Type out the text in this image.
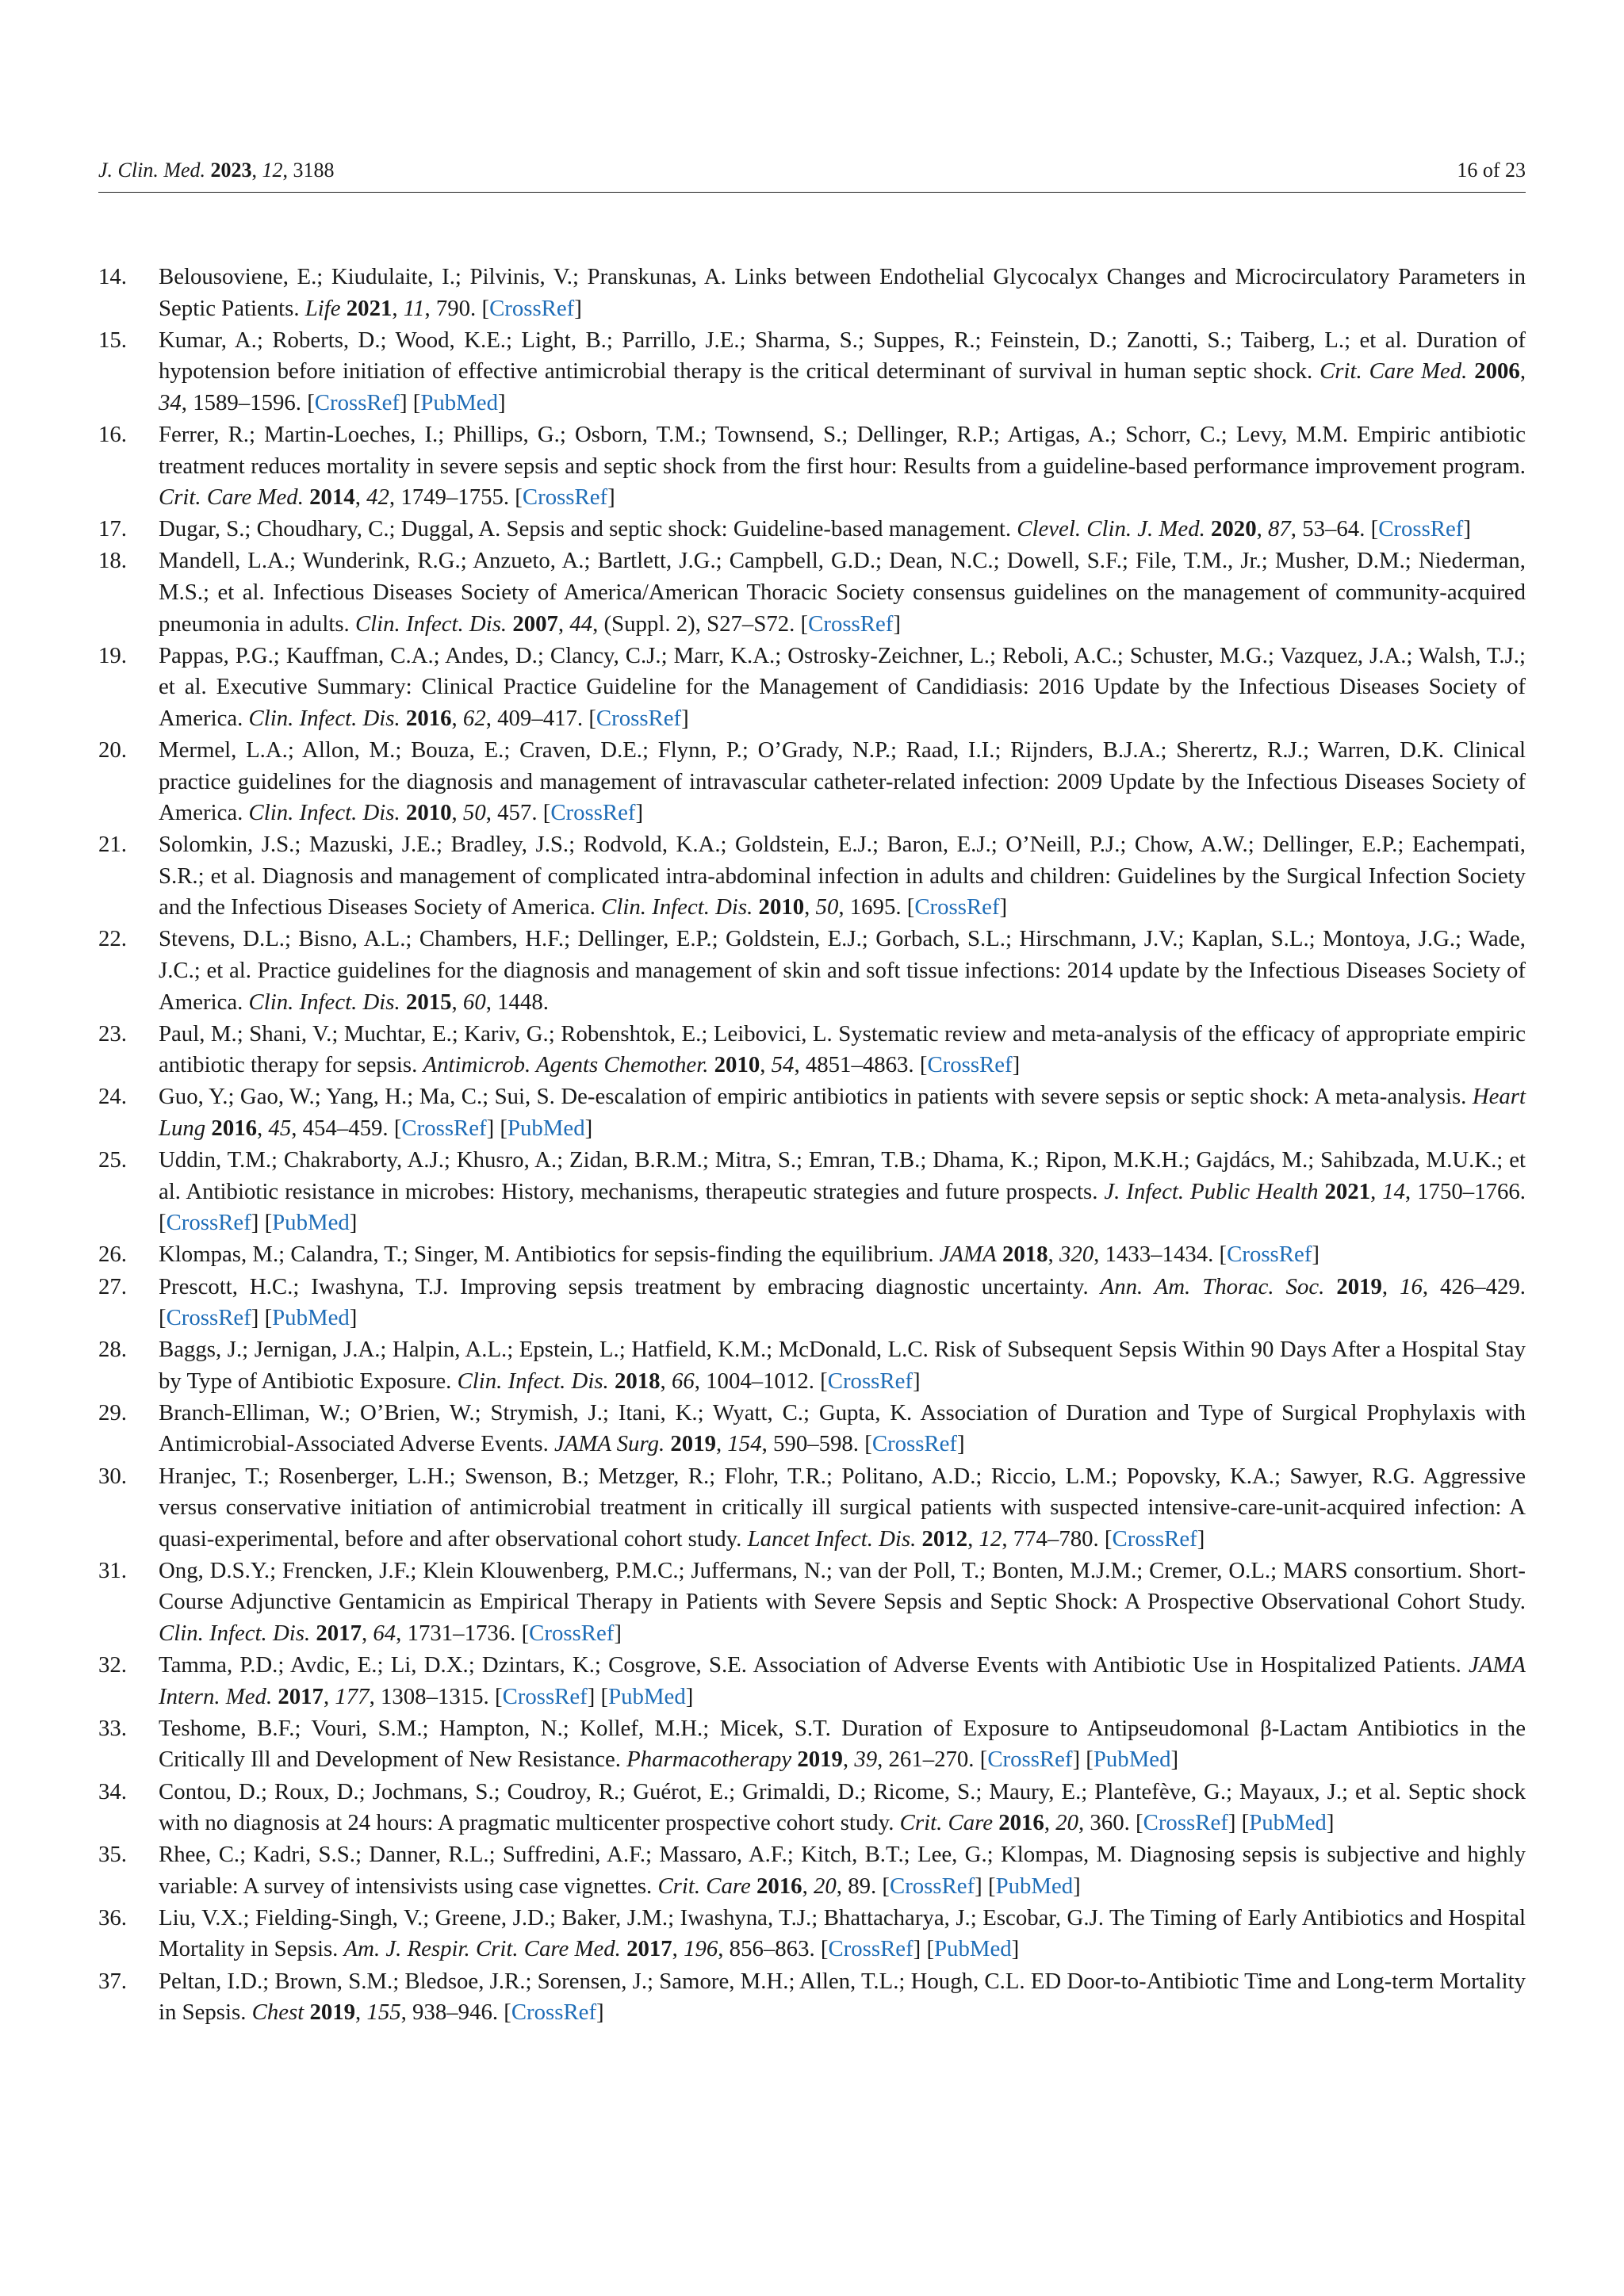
J. Clin. Med. 2023, 12, 3188	16 of 23
14. Belousoviene, E.; Kiudulaite, I.; Pilvinis, V.; Pranskunas, A. Links between Endothelial Glycocalyx Changes and Microcirculatory Parameters in Septic Patients. Life 2021, 11, 790. [CrossRef]
15. Kumar, A.; Roberts, D.; Wood, K.E.; Light, B.; Parrillo, J.E.; Sharma, S.; Suppes, R.; Feinstein, D.; Zanotti, S.; Taiberg, L.; et al. Duration of hypotension before initiation of effective antimicrobial therapy is the critical determinant of survival in human septic shock. Crit. Care Med. 2006, 34, 1589–1596. [CrossRef] [PubMed]
16. Ferrer, R.; Martin-Loeches, I.; Phillips, G.; Osborn, T.M.; Townsend, S.; Dellinger, R.P.; Artigas, A.; Schorr, C.; Levy, M.M. Empiric antibiotic treatment reduces mortality in severe sepsis and septic shock from the first hour: Results from a guideline-based performance improvement program. Crit. Care Med. 2014, 42, 1749–1755. [CrossRef]
17. Dugar, S.; Choudhary, C.; Duggal, A. Sepsis and septic shock: Guideline-based management. Clevel. Clin. J. Med. 2020, 87, 53–64. [CrossRef]
18. Mandell, L.A.; Wunderink, R.G.; Anzueto, A.; Bartlett, J.G.; Campbell, G.D.; Dean, N.C.; Dowell, S.F.; File, T.M., Jr.; Musher, D.M.; Niederman, M.S.; et al. Infectious Diseases Society of America/American Thoracic Society consensus guidelines on the management of community-acquired pneumonia in adults. Clin. Infect. Dis. 2007, 44, (Suppl. 2), S27–S72. [CrossRef]
19. Pappas, P.G.; Kauffman, C.A.; Andes, D.; Clancy, C.J.; Marr, K.A.; Ostrosky-Zeichner, L.; Reboli, A.C.; Schuster, M.G.; Vazquez, J.A.; Walsh, T.J.; et al. Executive Summary: Clinical Practice Guideline for the Management of Candidiasis: 2016 Update by the Infectious Diseases Society of America. Clin. Infect. Dis. 2016, 62, 409–417. [CrossRef]
20. Mermel, L.A.; Allon, M.; Bouza, E.; Craven, D.E.; Flynn, P.; O’Grady, N.P.; Raad, I.I.; Rijnders, B.J.A.; Sherertz, R.J.; Warren, D.K. Clinical practice guidelines for the diagnosis and management of intravascular catheter-related infection: 2009 Update by the Infectious Diseases Society of America. Clin. Infect. Dis. 2010, 50, 457. [CrossRef]
21. Solomkin, J.S.; Mazuski, J.E.; Bradley, J.S.; Rodvold, K.A.; Goldstein, E.J.; Baron, E.J.; O’Neill, P.J.; Chow, A.W.; Dellinger, E.P.; Eachempati, S.R.; et al. Diagnosis and management of complicated intra-abdominal infection in adults and children: Guidelines by the Surgical Infection Society and the Infectious Diseases Society of America. Clin. Infect. Dis. 2010, 50, 1695. [CrossRef]
22. Stevens, D.L.; Bisno, A.L.; Chambers, H.F.; Dellinger, E.P.; Goldstein, E.J.; Gorbach, S.L.; Hirschmann, J.V.; Kaplan, S.L.; Montoya, J.G.; Wade, J.C.; et al. Practice guidelines for the diagnosis and management of skin and soft tissue infections: 2014 update by the Infectious Diseases Society of America. Clin. Infect. Dis. 2015, 60, 1448.
23. Paul, M.; Shani, V.; Muchtar, E.; Kariv, G.; Robenshtok, E.; Leibovici, L. Systematic review and meta-analysis of the efficacy of appropriate empiric antibiotic therapy for sepsis. Antimicrob. Agents Chemother. 2010, 54, 4851–4863. [CrossRef]
24. Guo, Y.; Gao, W.; Yang, H.; Ma, C.; Sui, S. De-escalation of empiric antibiotics in patients with severe sepsis or septic shock: A meta-analysis. Heart Lung 2016, 45, 454–459. [CrossRef] [PubMed]
25. Uddin, T.M.; Chakraborty, A.J.; Khusro, A.; Zidan, B.R.M.; Mitra, S.; Emran, T.B.; Dhama, K.; Ripon, M.K.H.; Gajdács, M.; Sahibzada, M.U.K.; et al. Antibiotic resistance in microbes: History, mechanisms, therapeutic strategies and future prospects. J. Infect. Public Health 2021, 14, 1750–1766. [CrossRef] [PubMed]
26. Klompas, M.; Calandra, T.; Singer, M. Antibiotics for sepsis-finding the equilibrium. JAMA 2018, 320, 1433–1434. [CrossRef]
27. Prescott, H.C.; Iwashyna, T.J. Improving sepsis treatment by embracing diagnostic uncertainty. Ann. Am. Thorac. Soc. 2019, 16, 426–429. [CrossRef] [PubMed]
28. Baggs, J.; Jernigan, J.A.; Halpin, A.L.; Epstein, L.; Hatfield, K.M.; McDonald, L.C. Risk of Subsequent Sepsis Within 90 Days After a Hospital Stay by Type of Antibiotic Exposure. Clin. Infect. Dis. 2018, 66, 1004–1012. [CrossRef]
29. Branch-Elliman, W.; O’Brien, W.; Strymish, J.; Itani, K.; Wyatt, C.; Gupta, K. Association of Duration and Type of Surgical Prophylaxis with Antimicrobial-Associated Adverse Events. JAMA Surg. 2019, 154, 590–598. [CrossRef]
30. Hranjec, T.; Rosenberger, L.H.; Swenson, B.; Metzger, R.; Flohr, T.R.; Politano, A.D.; Riccio, L.M.; Popovsky, K.A.; Sawyer, R.G. Aggressive versus conservative initiation of antimicrobial treatment in critically ill surgical patients with suspected intensive-care-unit-acquired infection: A quasi-experimental, before and after observational cohort study. Lancet Infect. Dis. 2012, 12, 774–780. [CrossRef]
31. Ong, D.S.Y.; Frencken, J.F.; Klein Klouwenberg, P.M.C.; Juffermans, N.; van der Poll, T.; Bonten, M.J.M.; Cremer, O.L.; MARS consortium. Short-Course Adjunctive Gentamicin as Empirical Therapy in Patients with Severe Sepsis and Septic Shock: A Prospective Observational Cohort Study. Clin. Infect. Dis. 2017, 64, 1731–1736. [CrossRef]
32. Tamma, P.D.; Avdic, E.; Li, D.X.; Dzintars, K.; Cosgrove, S.E. Association of Adverse Events with Antibiotic Use in Hospitalized Patients. JAMA Intern. Med. 2017, 177, 1308–1315. [CrossRef] [PubMed]
33. Teshome, B.F.; Vouri, S.M.; Hampton, N.; Kollef, M.H.; Micek, S.T. Duration of Exposure to Antipseudomonal β-Lactam Antibiotics in the Critically Ill and Development of New Resistance. Pharmacotherapy 2019, 39, 261–270. [CrossRef] [PubMed]
34. Contou, D.; Roux, D.; Jochmans, S.; Coudroy, R.; Guérot, E.; Grimaldi, D.; Ricome, S.; Maury, E.; Plantefève, G.; Mayaux, J.; et al. Septic shock with no diagnosis at 24 hours: A pragmatic multicenter prospective cohort study. Crit. Care 2016, 20, 360. [CrossRef] [PubMed]
35. Rhee, C.; Kadri, S.S.; Danner, R.L.; Suffredini, A.F.; Massaro, A.F.; Kitch, B.T.; Lee, G.; Klompas, M. Diagnosing sepsis is subjective and highly variable: A survey of intensivists using case vignettes. Crit. Care 2016, 20, 89. [CrossRef] [PubMed]
36. Liu, V.X.; Fielding-Singh, V.; Greene, J.D.; Baker, J.M.; Iwashyna, T.J.; Bhattacharya, J.; Escobar, G.J. The Timing of Early Antibiotics and Hospital Mortality in Sepsis. Am. J. Respir. Crit. Care Med. 2017, 196, 856–863. [CrossRef] [PubMed]
37. Peltan, I.D.; Brown, S.M.; Bledsoe, J.R.; Sorensen, J.; Samore, M.H.; Allen, T.L.; Hough, C.L. ED Door-to-Antibiotic Time and Long-term Mortality in Sepsis. Chest 2019, 155, 938–946. [CrossRef]
